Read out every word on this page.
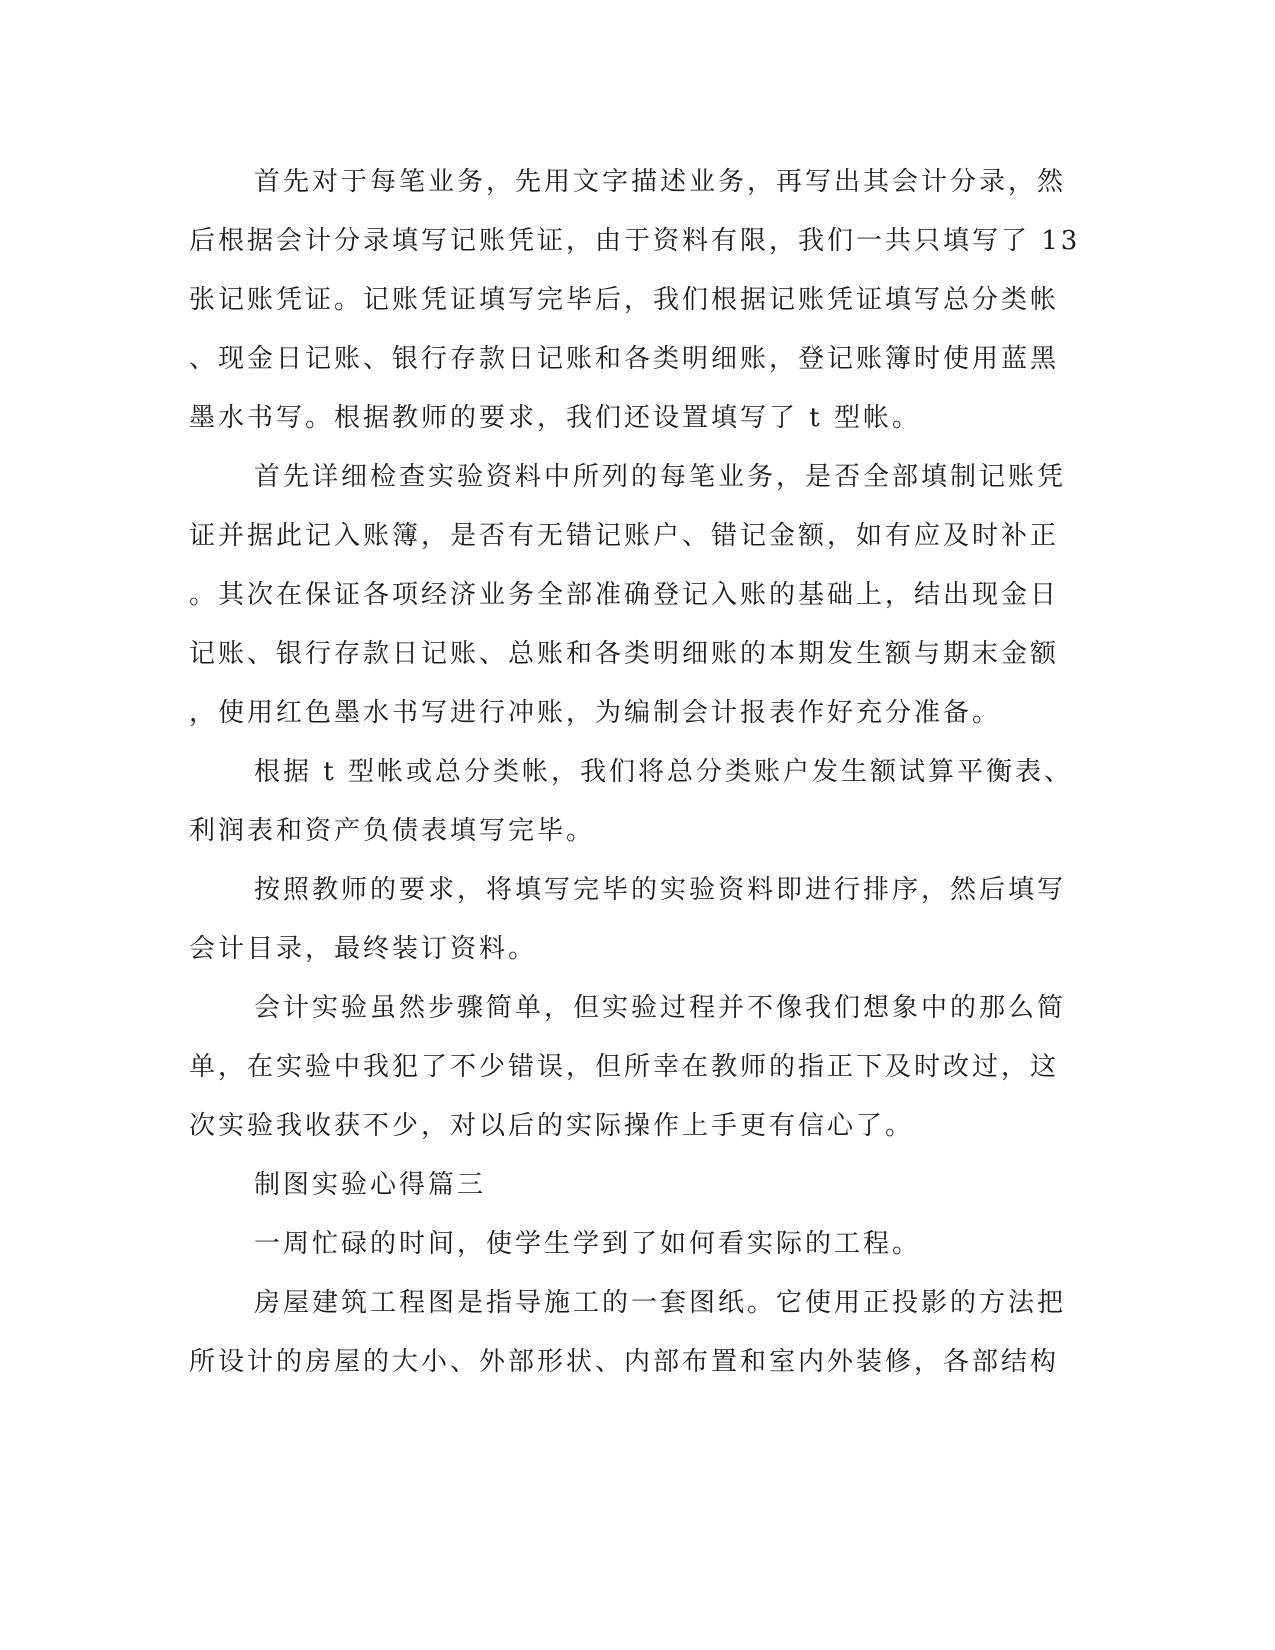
首先对于每笔业务，先用文字描述业务，再写出其会计分录，然
后根据会计分录填写记账凭证，由于资料有限，我们一共只填写了 13
张记账凭证。记账凭证填写完毕后，我们根据记账凭证填写总分类帐
、现金日记账、银行存款日记账和各类明细账，登记账簿时使用蓝黑
墨水书写。根据教师的要求，我们还设置填写了 t 型帐。
首先详细检查实验资料中所列的每笔业务，是否全部填制记账凭
证并据此记入账簿，是否有无错记账户、错记金额，如有应及时补正
。其次在保证各项经济业务全部准确登记入账的基础上，结出现金日
记账、银行存款日记账、总账和各类明细账的本期发生额与期末金额
，使用红色墨水书写进行冲账，为编制会计报表作好充分准备。
根据 t 型帐或总分类帐，我们将总分类账户发生额试算平衡表、
利润表和资产负债表填写完毕。
按照教师的要求，将填写完毕的实验资料即进行排序，然后填写
会计目录，最终装订资料。
会计实验虽然步骤简单，但实验过程并不像我们想象中的那么简
单，在实验中我犯了不少错误，但所幸在教师的指正下及时改过，这
次实验我收获不少，对以后的实际操作上手更有信心了。
制图实验心得篇三
一周忙碌的时间，使学生学到了如何看实际的工程。
房屋建筑工程图是指导施工的一套图纸。它使用正投影的方法把
所设计的房屋的大小、外部形状、内部布置和室内外装修，各部结构
